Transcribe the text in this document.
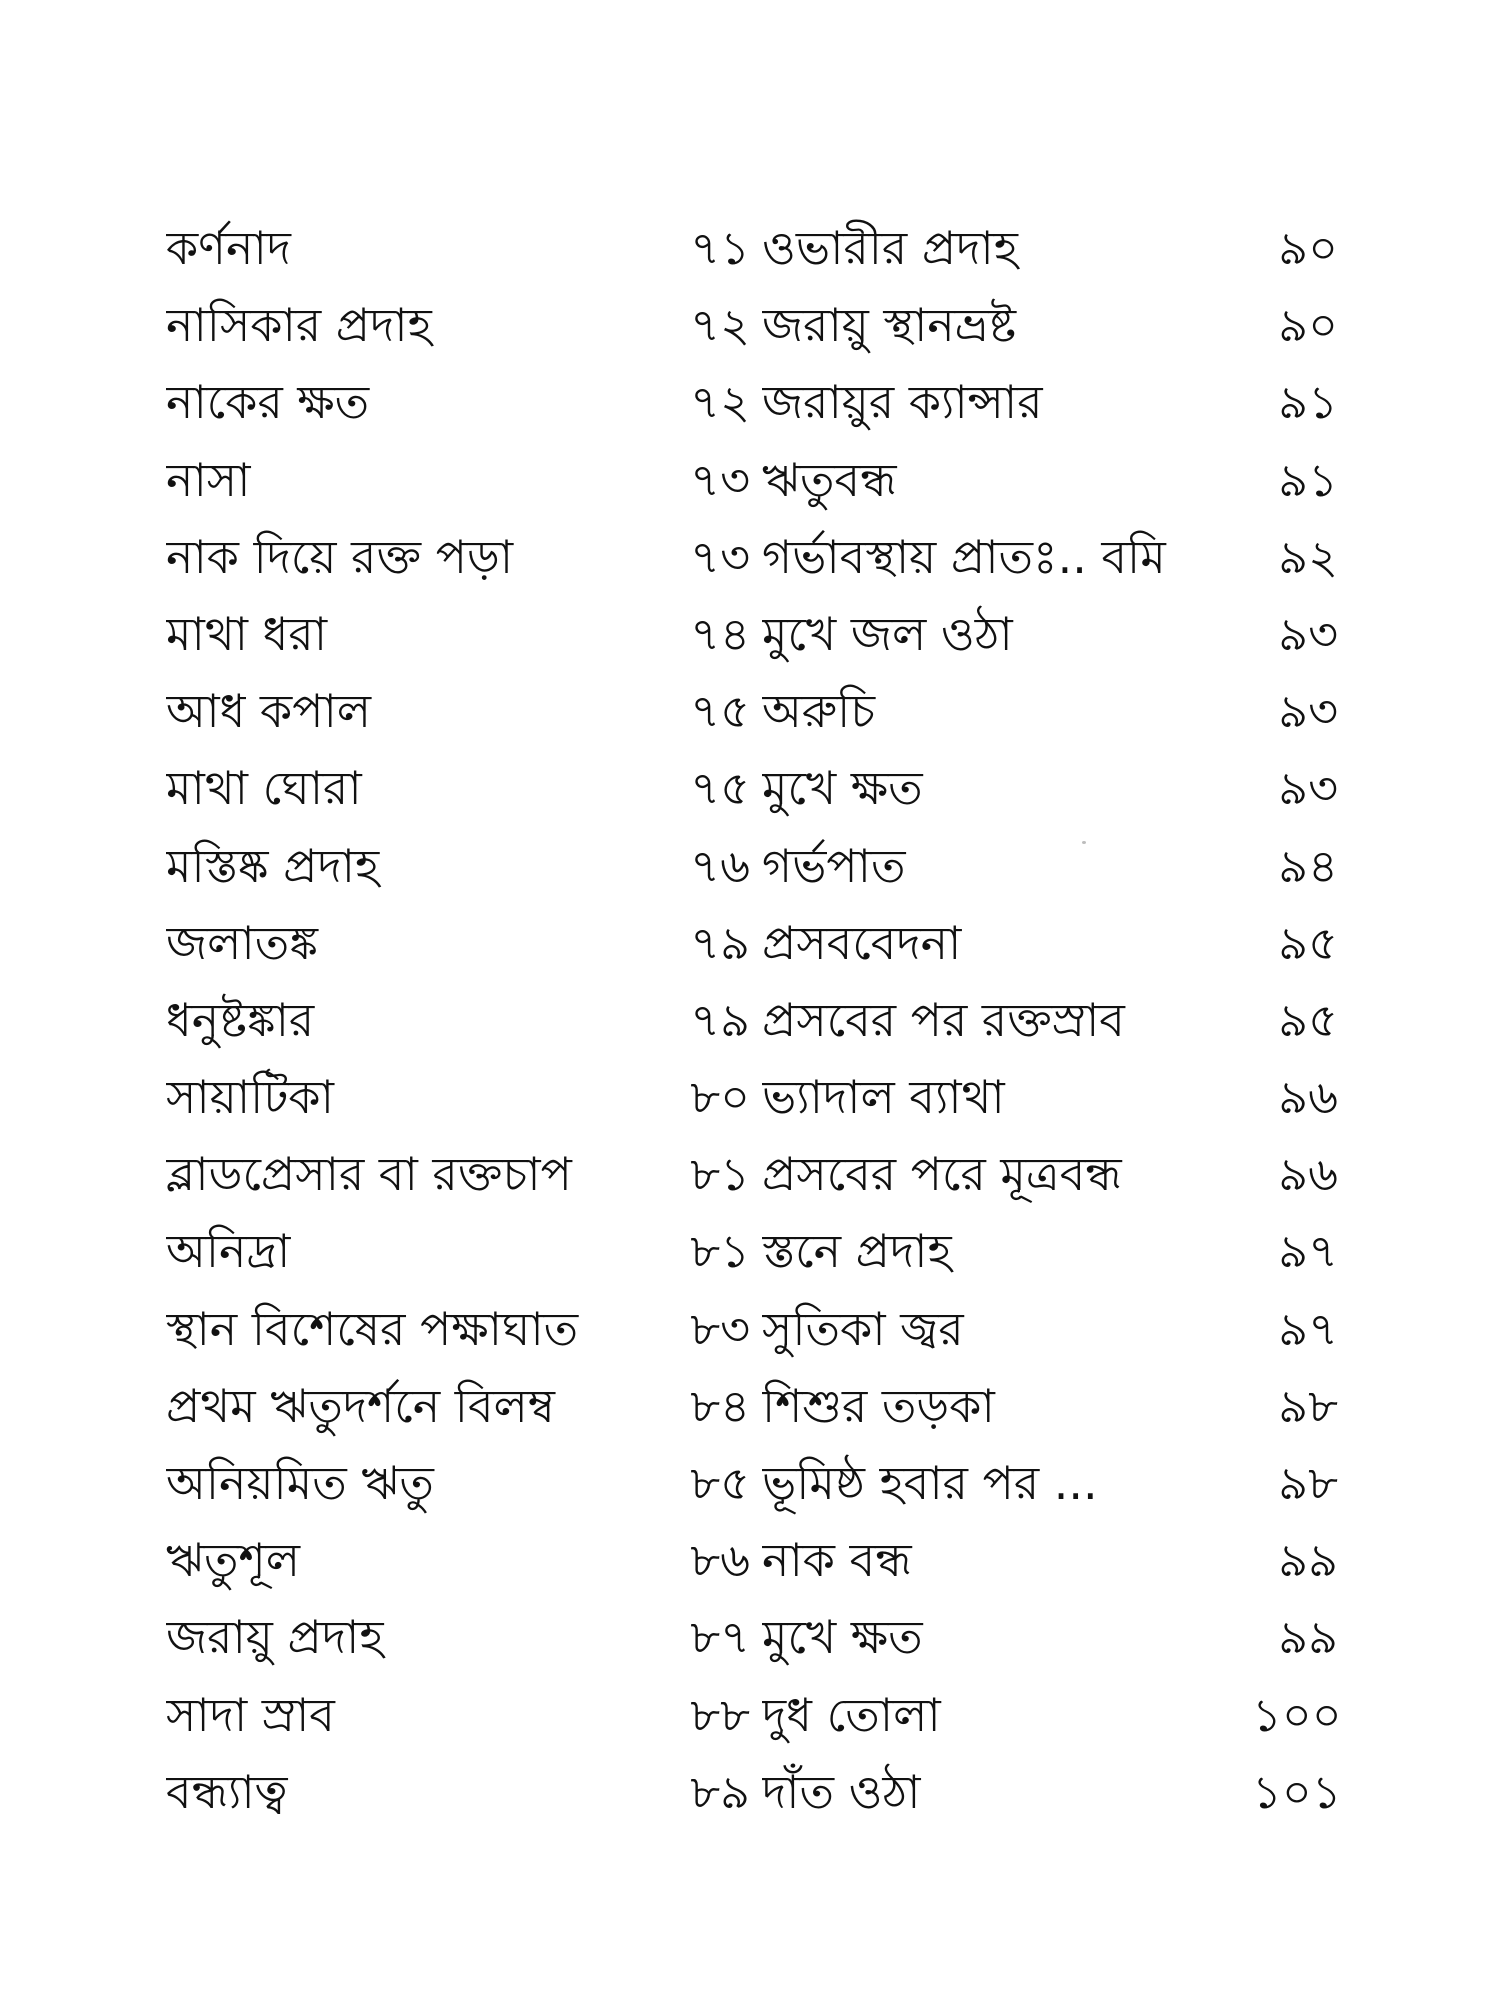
কর্ণনাদ	৭১ ওভারীর প্রদাহ	৯০
নাসিকার প্রদাহ	৭২ জরায়ু স্থানভ্রষ্ট	৯০
নাকের ক্ষত	৭২ জরায়ুর ক্যান্সার	৯১
নাসা	৭৩ ঋতুবন্ধ	৯১
নাক দিয়ে রক্ত পড়া	৭৩ গর্ভাবস্থায় প্রাতঃ.. বমি	৯২
মাথা ধরা	৭৪ মুখে জল ওঠা	৯৩
আধ কপাল	৭৫ অরুচি	৯৩
মাথা ঘোরা	৭৫ মুখে ক্ষত	৯৩
মস্তিষ্ক প্রদাহ	৭৬ গর্ভপাত	৯৪
জলাতঙ্ক	৭৯ প্রসববেদনা	৯৫
ধনুষ্টঙ্কার	৭৯ প্রসবের পর রক্তস্রাব	৯৫
সায়াটিকা	৮০ ভ্যাদাল ব্যাথা	৯৬
ব্লাডপ্রেসার বা রক্তচাপ	৮১ প্রসবের পরে মূত্রবন্ধ	৯৬
অনিদ্রা	৮১ স্তনে প্রদাহ	৯৭
স্থান বিশেষের পক্ষাঘাত	৮৩ সুতিকা জ্বর	৯৭
প্রথম ঋতুদর্শনে বিলম্ব	৮৪ শিশুর তড়কা	৯৮
অনিয়মিত ঋতু	৮৫ ভূমিষ্ঠ হবার পর ...	৯৮
ঋতুশূল	৮৬ নাক বন্ধ	৯৯
জরায়ু প্রদাহ	৮৭ মুখে ক্ষত	৯৯
সাদা স্রাব	৮৮ দুধ তোলা	১০০
বন্ধ্যাত্ব	৮৯ দাঁত ওঠা	১০১
